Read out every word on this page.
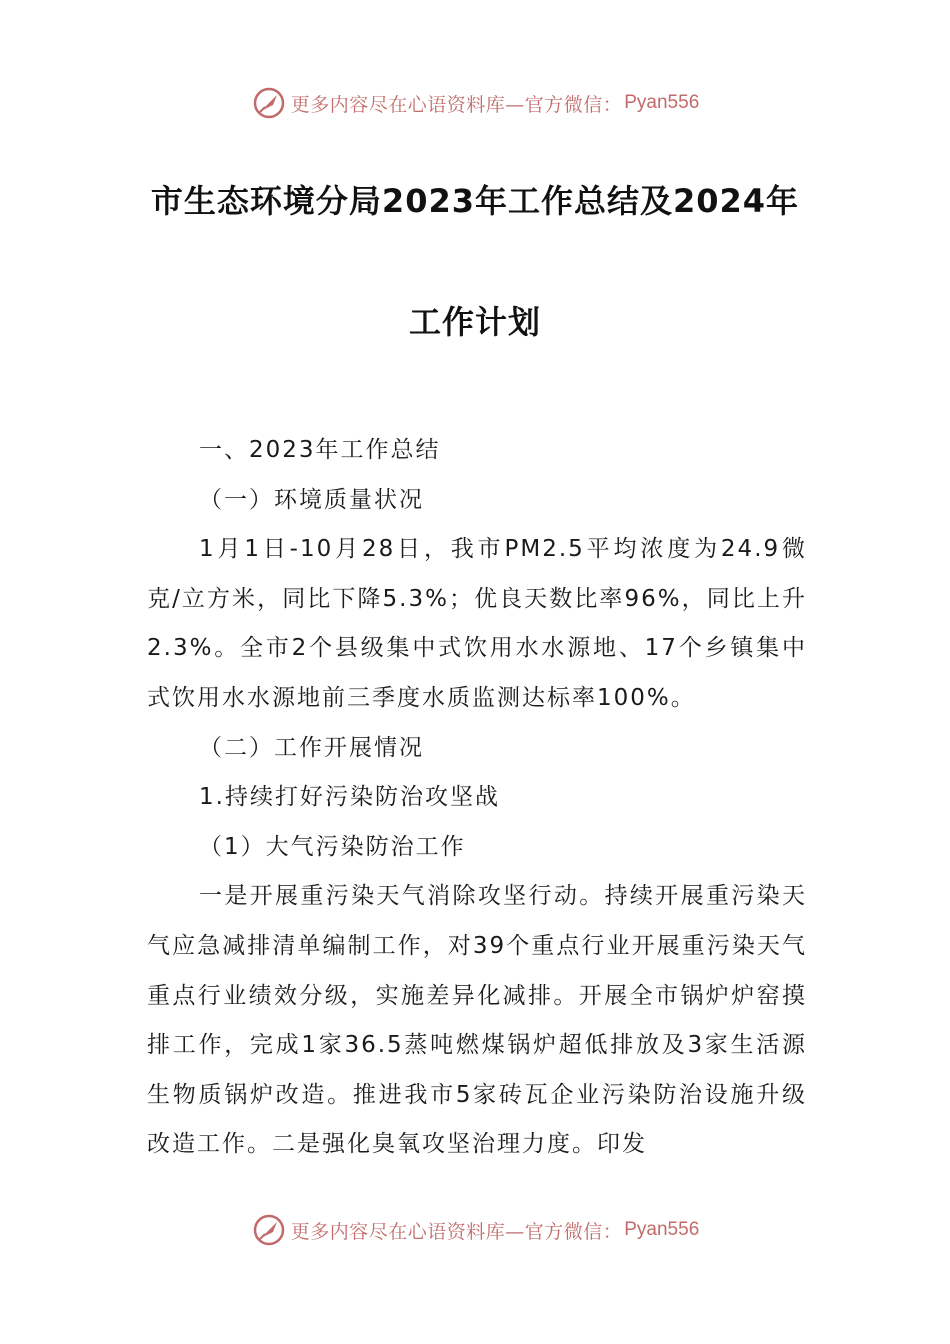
更多内容尽在心语资料库—官方微信： Pyan556
市生态环境分局2023年工作总结及2024年
工作计划

一、2023年工作总结

（一）环境质量状况

1月1日-10月28日，我市PM2.5平均浓度为24.9微克/立方米，同比下降5.3%；优良天数比率96%，同比上升2.3%。全市2个县级集中式饮用水水源地、17个乡镇集中式饮用水水源地前三季度水质监测达标率100%。

（二）工作开展情况

1.持续打好污染防治攻坚战

（1）大气污染防治工作

一是开展重污染天气消除攻坚行动。持续开展重污染天气应急减排清单编制工作，对39个重点行业开展重污染天气重点行业绩效分级，实施差异化减排。开展全市锅炉炉窑摸排工作，完成1家36.5蒸吨燃煤锅炉超低排放及3家生活源生物质锅炉改造。推进我市5家砖瓦企业污染防治设施升级改造工作。二是强化臭氧攻坚治理力度。印发

更多内容尽在心语资料库—官方微信： Pyan556
